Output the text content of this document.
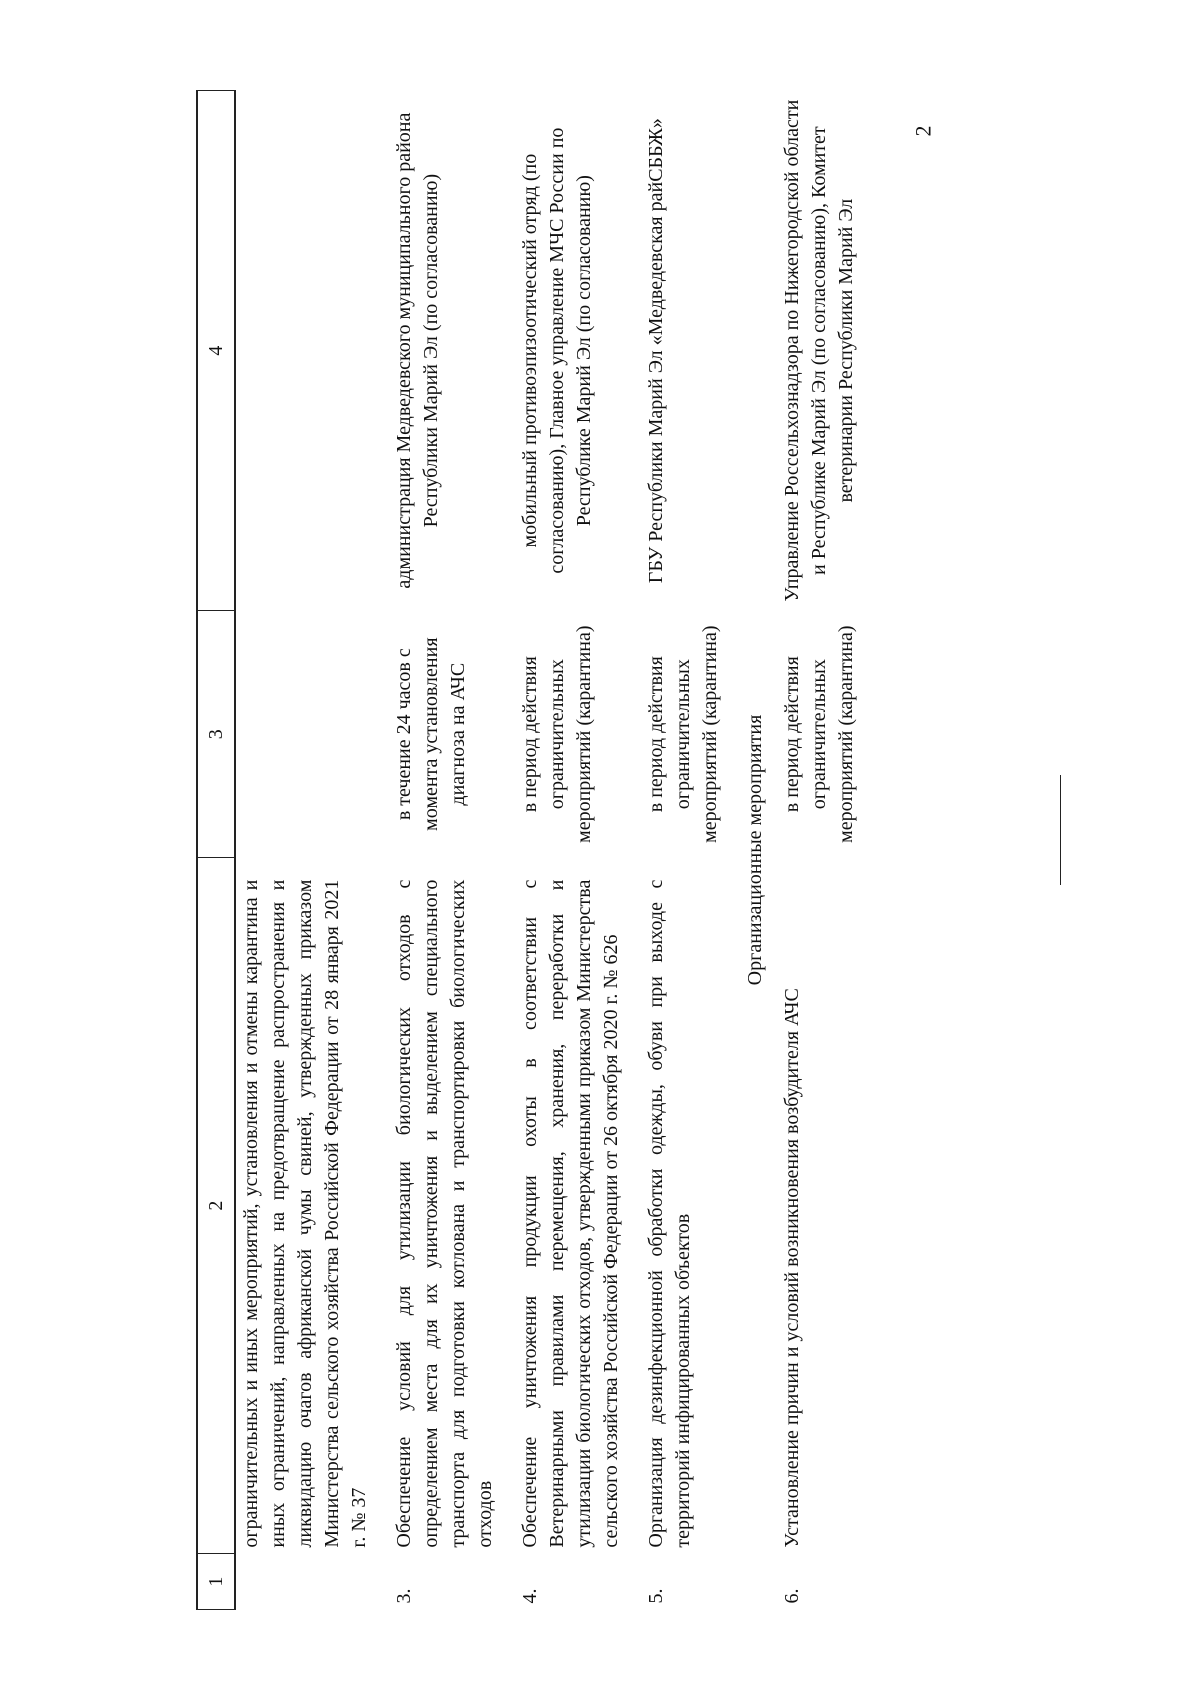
2
1	2	3	4
	ограничительных и иных мероприятий, установления и отмены карантина и иных ограничений, направленных на предотвращение распространения и ликвидацию очагов африканской чумы свиней, утвержденных приказом Министерства сельского хозяйства Российской Федерации от 28 января 2021 г. № 37		
3.	Обеспечение условий для утилизации биологических отходов с определением места для их уничтожения и выделением специального транспорта для подготовки котлована и транспортировки биологических отходов	в течение 24 часов с момента установления диагноза на АЧС	администрация Медведевского муниципального района Республики Марий Эл (по согласованию)
4.	Обеспечение уничтожения продукции охоты в соответствии с Ветеринарными правилами перемещения, хранения, переработки и утилизации биологических отходов, утвержденными приказом Министерства сельского хозяйства Российской Федерации от 26 октября 2020 г. № 626	в период действия ограничительных мероприятий (карантина)	мобильный противоэпизоотический отряд (по согласованию), Главное управление МЧС России по Республике Марий Эл (по согласованию)
5.	Организация дезинфекционной обработки одежды, обуви при выходе с территорий инфицированных объектов	в период действия ограничительных мероприятий (карантина)	ГБУ Республики Марий Эл «Медведевская райСББЖ»
Организационные мероприятия			
6.	Установление причин и условий возникновения возбудителя АЧС	в период действия ограничительных мероприятий (карантина)	Управление Россельхознадзора по Нижегородской области и Республике Марий Эл (по согласованию), Комитет ветеринарии Республики Марий Эл
